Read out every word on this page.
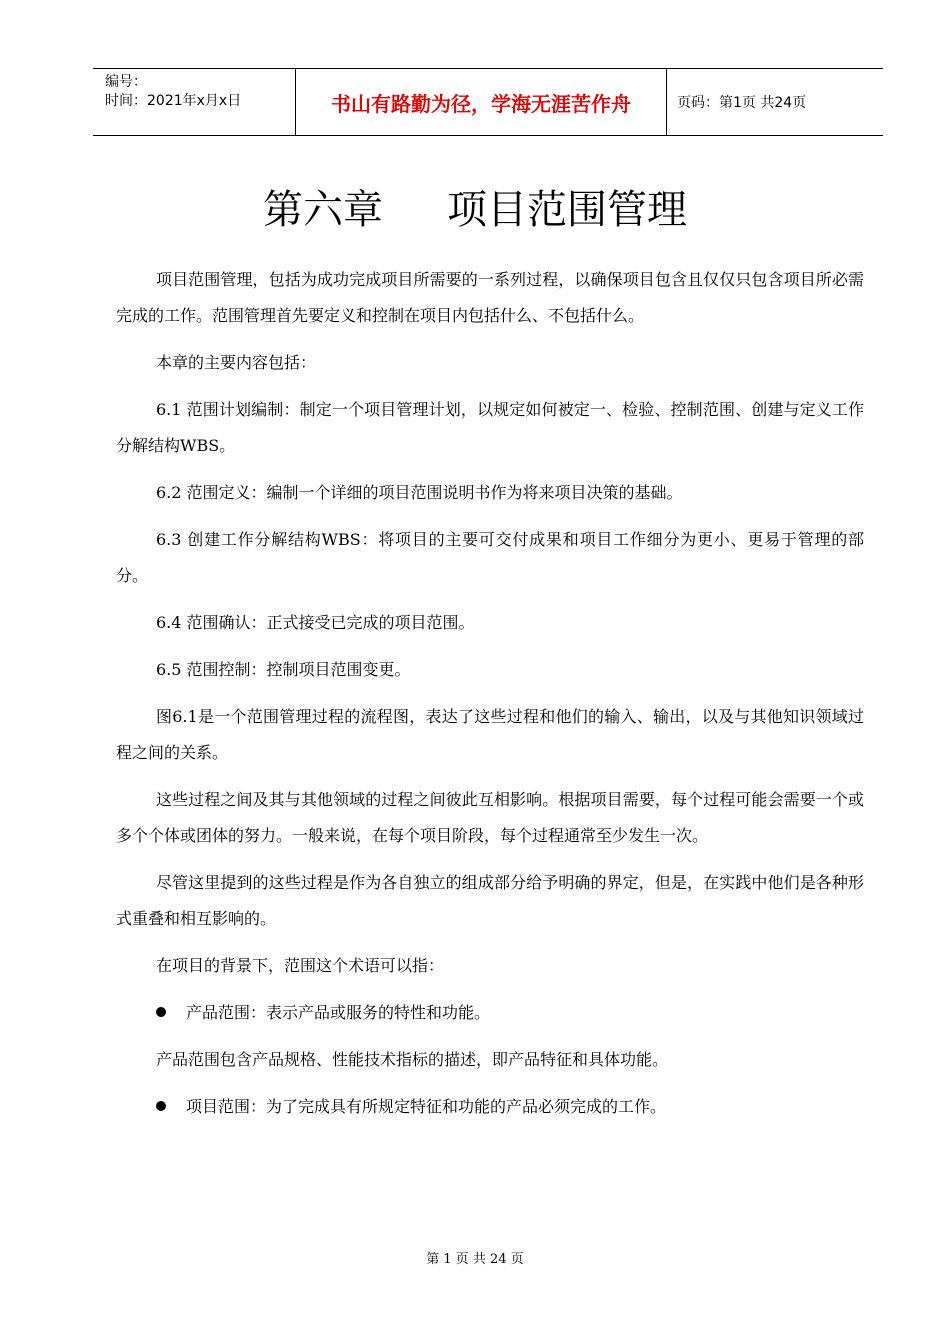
编号：
时间：2021年x月x日	书山有路勤为径，学海无涯苦作舟	页码：第1页 共24页
第六章 项目范围管理

项目范围管理，包括为成功完成项目所需要的一系列过程，以确保项目包含且仅仅只包含项目所必需完成的工作。范围管理首先要定义和控制在项目内包括什么、不包括什么。

本章的主要内容包括：

6.1 范围计划编制：制定一个项目管理计划，以规定如何被定一、检验、控制范围、创建与定义工作分解结构WBS。

6.2 范围定义：编制一个详细的项目范围说明书作为将来项目决策的基础。

6.3 创建工作分解结构WBS：将项目的主要可交付成果和项目工作细分为更小、更易于管理的部分。

6.4 范围确认：正式接受已完成的项目范围。

6.5 范围控制：控制项目范围变更。

图6.1是一个范围管理过程的流程图，表达了这些过程和他们的输入、输出，以及与其他知识领域过程之间的关系。

这些过程之间及其与其他领域的过程之间彼此互相影响。根据项目需要，每个过程可能会需要一个或多个个体或团体的努力。一般来说，在每个项目阶段，每个过程通常至少发生一次。

尽管这里提到的这些过程是作为各自独立的组成部分给予明确的界定，但是，在实践中他们是各种形式重叠和相互影响的。

在项目的背景下，范围这个术语可以指：

产品范围：表示产品或服务的特性和功能。

产品范围包含产品规格、性能技术指标的描述，即产品特征和具体功能。

项目范围：为了完成具有所规定特征和功能的产品必须完成的工作。
第 1 页 共 24 页
